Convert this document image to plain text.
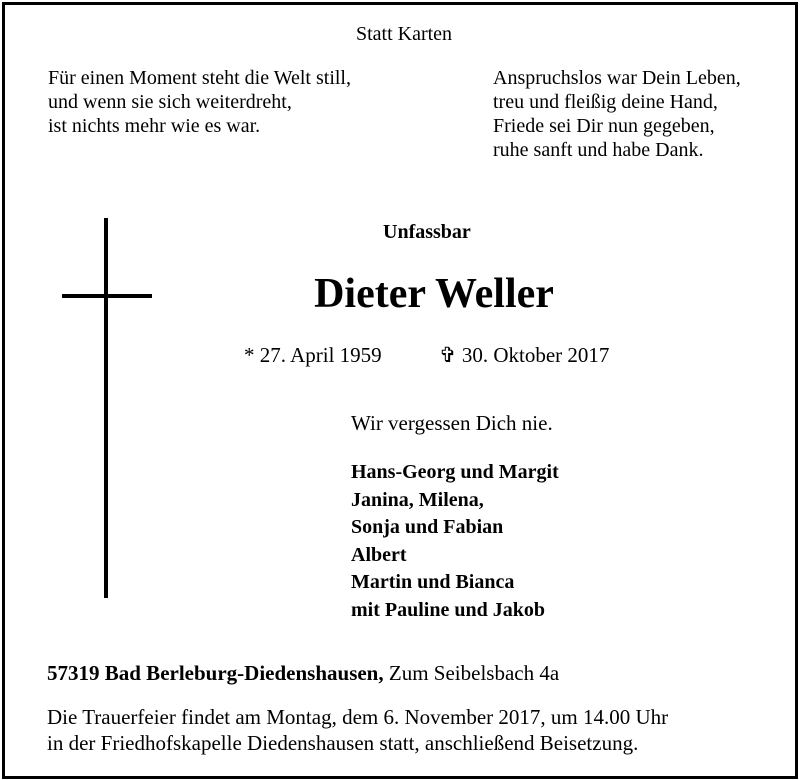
Statt Karten
Für einen Moment steht die Welt still,
und wenn sie sich weiterdreht,
ist nichts mehr wie es war.
Anspruchslos war Dein Leben,
treu und fleißig deine Hand,
Friede sei Dir nun gegeben,
ruhe sanft und habe Dank.
Unfassbar
Dieter Weller
* 27. April 1959	✞ 30. Oktober 2017
Wir vergessen Dich nie.
Hans-Georg und Margit
Janina, Milena,
Sonja und Fabian
Albert
Martin und Bianca
mit Pauline und Jakob
57319 Bad Berleburg-Diedenshausen, Zum Seibelsbach 4a
Die Trauerfeier findet am Montag, dem 6. November 2017, um 14.00 Uhr
in der Friedhofskapelle Diedenshausen statt, anschließend Beisetzung.
